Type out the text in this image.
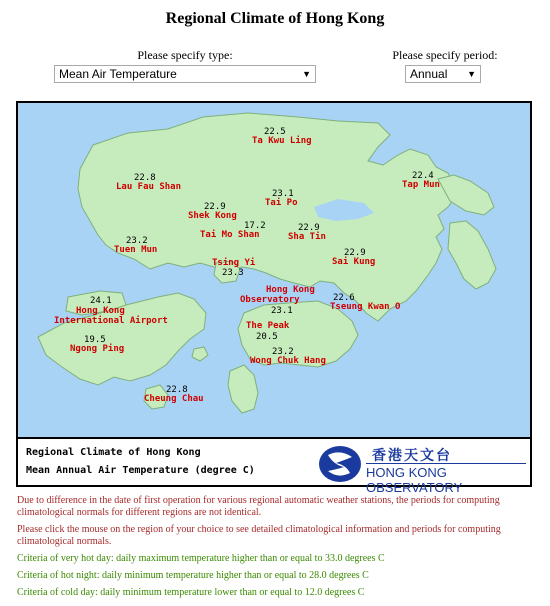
Regional Climate of Hong Kong
Please specify type:
Mean Air Temperature	▼
Please specify period:
Annual ▼
22.5
Ta Kwu Ling
22.8
Lau Fau Shan
22.4
Tap Mun
22.9
Shek Kong
23.1
Tai Po
17.2
Tai Mo Shan
22.9
Sha Tin
23.2
Tuen Mun
Tsing Yi
23.3
22.9
Sai Kung
Hong Kong
Observatory
23.1
24.1
Hong Kong
International Airport
22.6
Tseung Kwan O
The Peak
20.5
19.5
Ngong Ping	23.2
Wong Chuk Hang
22.8
Cheung Chau
Regional Climate of Hong Kong
Mean Annual Air Temperature (degree C)
香港天文台
HONG KONG OBSERVATORY
Due to difference in the date of first operation for various regional automatic weather stations, the periods for computing climatological normals for different regions are not identical.
Please click the mouse on the region of your choice to see detailed climatological information and periods for computing climatological normals.
Criteria of very hot day: daily maximum temperature higher than or equal to 33.0 degrees C
Criteria of hot night: daily minimum temperature higher than or equal to 28.0 degrees C
Criteria of cold day: daily minimum temperature lower than or equal to 12.0 degrees C
